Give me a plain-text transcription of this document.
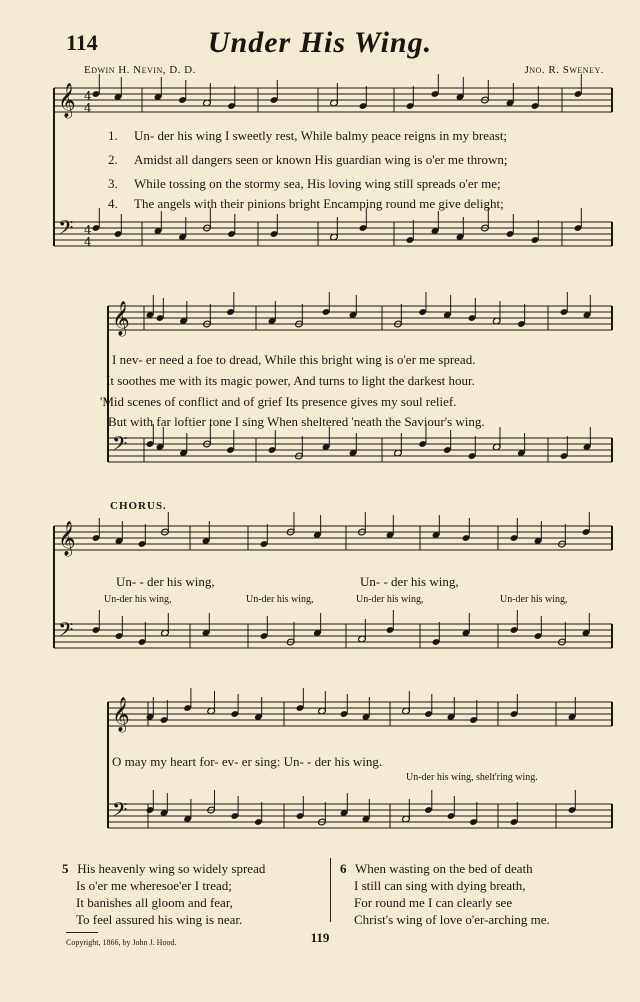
114	Under His Wing.
Edwin H. Nevin, D. D.	Jno. R. Sweney.
𝄞
𝄢
4
4
4
4
𝄞
𝄢
𝄞
𝄢
𝄞
𝄢
1. Un- der his wing I sweetly rest, While balmy peace reigns in my breast;
2. Amidst all dangers seen or known His guardian wing is o'er me thrown;
3. While tossing on the stormy sea, His loving wing still spreads o'er me;
4. The angels with their pinions bright Encamping round me give delight;
I nev- er need a foe to dread, While this bright wing is o'er me spread.
It soothes me with its magic power, And turns to light the darkest hour.
'Mid scenes of conflict and of grief Its presence gives my soul relief.
But with far loftier tone I sing When sheltered 'neath the Saviour's wing.
CHORUS.
Un- - der his wing,	Un- - der his wing,
Un-der his wing,	Un-der his wing,	Un-der his wing,	Un-der his wing,
O may my heart for- ev- er sing: Un- - der his wing.
Un-der his wing, shelt'ring wing.
5 His heavenly wing so widely spread
Is o'er me wheresoe'er I tread;
It banishes all gloom and fear,
To feel assured his wing is near.
6 When wasting on the bed of death
I still can sing with dying breath,
For round me I can clearly see
Christ's wing of love o'er-arching me.
Copyright, 1866, by John J. Hood.	119
